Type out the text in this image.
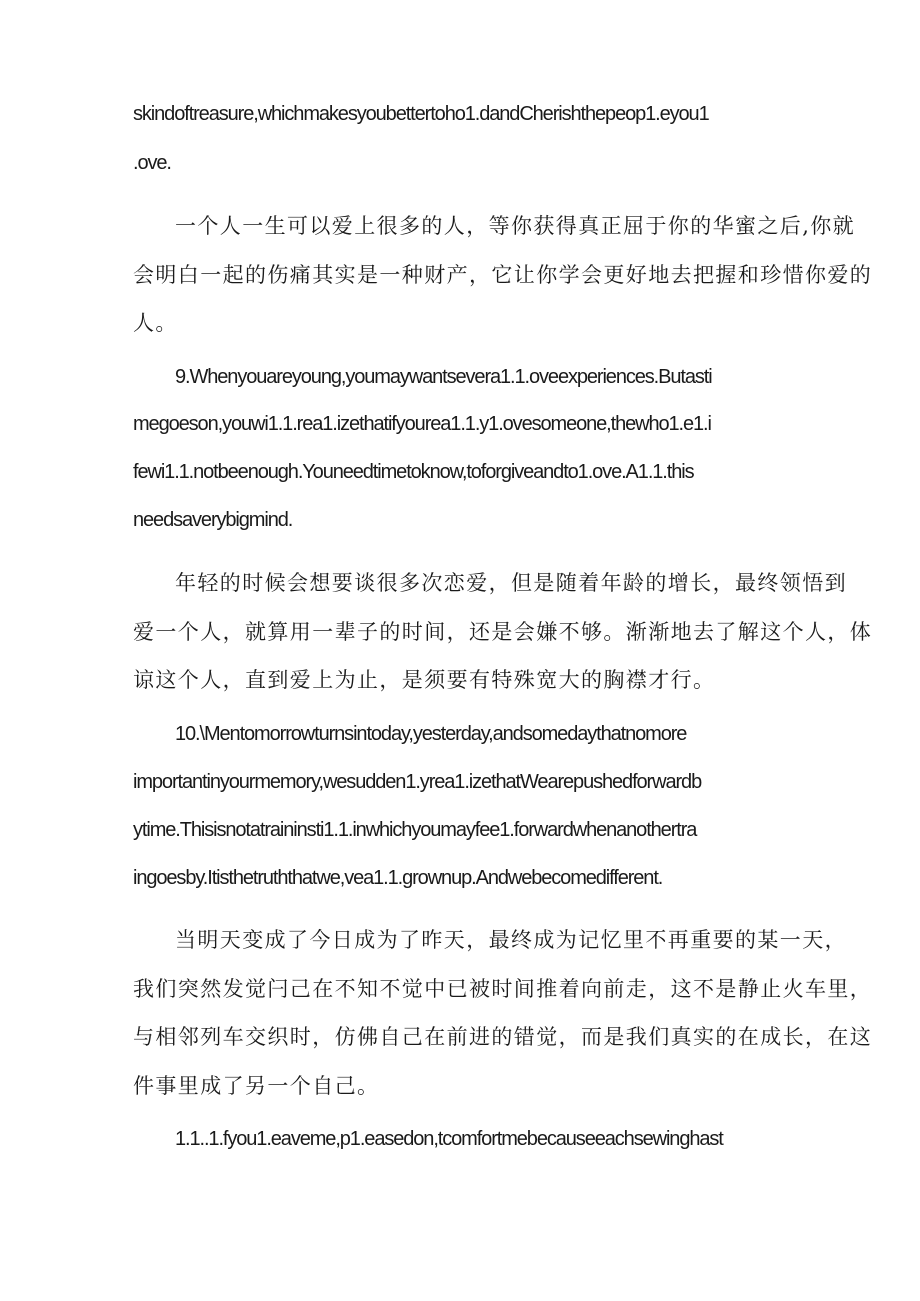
skindoftreasure,whichmakesyoubettertoho1.dandCherishthepeop1.eyou1
.ove.
一个人一生可以爱上很多的人，等你获得真正屈于你的华蜜之后,你就
会明白一起的伤痛其实是一种财产，它让你学会更好地去把握和珍惜你爱的
人。
9.Whenyouareyoung,youmaywantsevera1.1.oveexperiences.Butasti
megoeson,youwi1.1.rea1.izethatifyourea1.1.y1.ovesomeone,thewho1.e1.i
fewi1.1.notbeenough.Youneedtimetoknow,toforgiveandto1.ove.A1.1.this
needsaverybigmind.
年轻的时候会想要谈很多次恋爱，但是随着年龄的增长，最终领悟到
爱一个人，就算用一辈子的时间，还是会嫌不够。渐渐地去了解这个人，体
谅这个人，直到爱上为止，是须要有特殊宽大的胸襟才行。
10.\Mentomorrowturnsintoday,yesterday,andsomedaythatnomore
importantinyourmemory,wesudden1.yrea1.izethatWearepushedforwardb
ytime.Thisisnotatraininsti1.1.inwhichyoumayfee1.forwardwhenanothertra
ingoesby.Itisthetruththatwe,vea1.1.grownup.Andwebecomedifferent.
当明天变成了今日成为了昨天，最终成为记忆里不再重要的某一天，
我们突然发觉闩己在不知不觉中已被时间推着向前走，这不是静止火车里，
与相邻列车交织时，仿佛自己在前进的错觉，而是我们真实的在成长，在这
件事里成了另一个自己。
1.1..1.fyou1.eaveme,p1.easedon,tcomfortmebecauseeachsewinghast
